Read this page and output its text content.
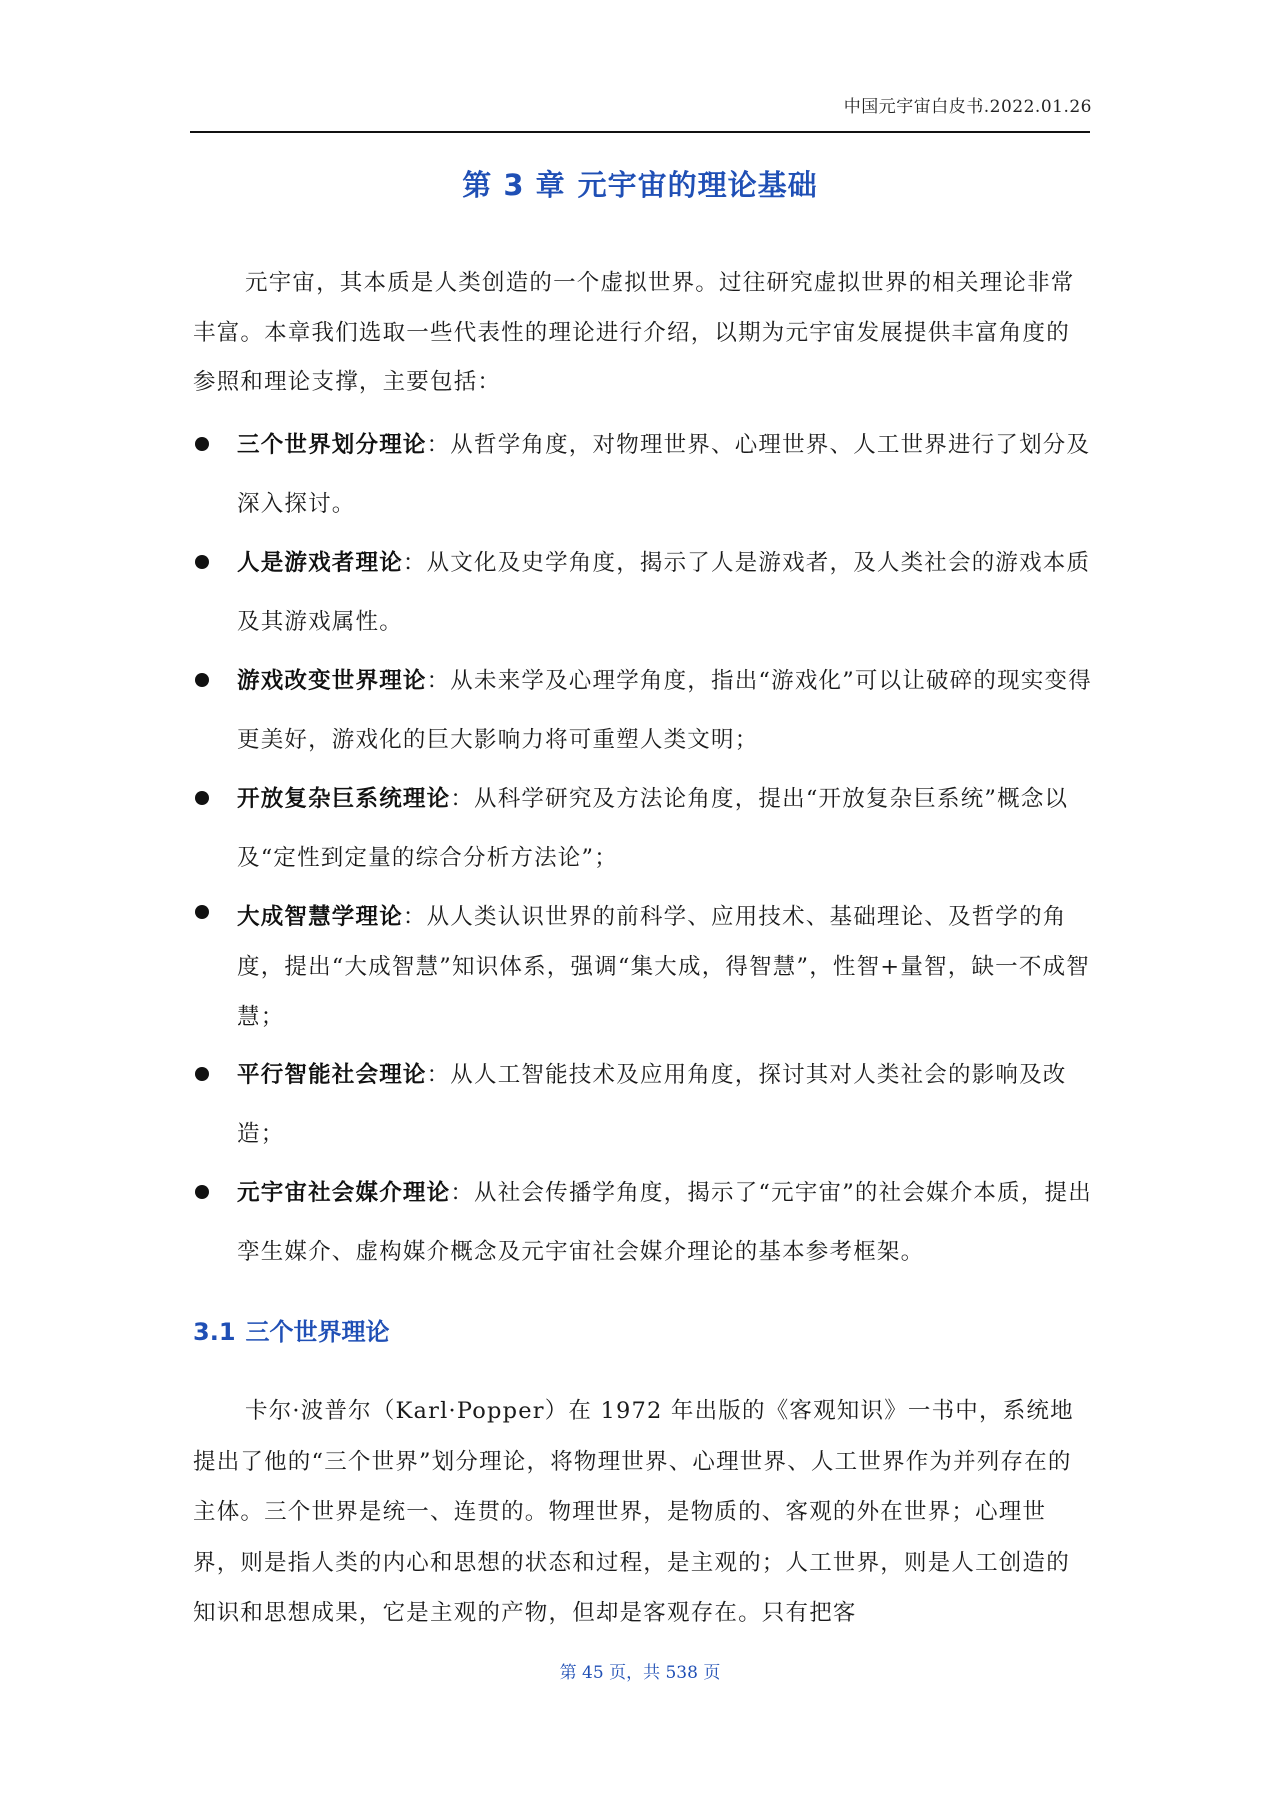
中国元宇宙白皮书.2022.01.26
第 3 章 元宇宙的理论基础

元宇宙，其本质是人类创造的一个虚拟世界。过往研究虚拟世界的相关理论非常丰富。本章我们选取一些代表性的理论进行介绍，以期为元宇宙发展提供丰富角度的参照和理论支撑，主要包括：

三个世界划分理论：从哲学角度，对物理世界、心理世界、人工世界进行了划分及深入探讨。
人是游戏者理论：从文化及史学角度，揭示了人是游戏者，及人类社会的游戏本质及其游戏属性。
游戏改变世界理论：从未来学及心理学角度，指出“游戏化”可以让破碎的现实变得更美好，游戏化的巨大影响力将可重塑人类文明；
开放复杂巨系统理论：从科学研究及方法论角度，提出“开放复杂巨系统”概念以及“定性到定量的综合分析方法论”；
大成智慧学理论：从人类认识世界的前科学、应用技术、基础理论、及哲学的角度，提出“大成智慧”知识体系，强调“集大成，得智慧”，性智+量智，缺一不成智慧；
平行智能社会理论：从人工智能技术及应用角度，探讨其对人类社会的影响及改造；
元宇宙社会媒介理论：从社会传播学角度，揭示了“元宇宙”的社会媒介本质，提出孪生媒介、虚构媒介概念及元宇宙社会媒介理论的基本参考框架。
3.1 三个世界理论

卡尔·波普尔（Karl·Popper）在 1972 年出版的《客观知识》一书中，系统地提出了他的“三个世界”划分理论，将物理世界、心理世界、人工世界作为并列存在的主体。三个世界是统一、连贯的。物理世界，是物质的、客观的外在世界；心理世界，则是指人类的内心和思想的状态和过程，是主观的；人工世界，则是人工创造的知识和思想成果，它是主观的产物，但却是客观存在。只有把客

第 45 页，共 538 页
